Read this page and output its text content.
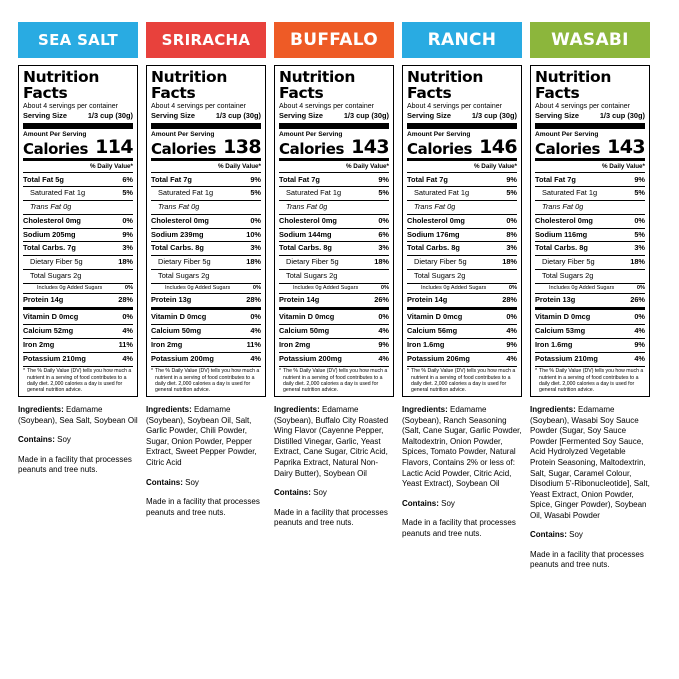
SEA SALT
Nutrition Facts
About 4 servings per container
Serving Size	1/3 cup (30g)
Amount Per Serving
Calories 114
% Daily Value*
Total Fat 5g	6%
Saturated Fat 1g	5%
Trans Fat 0g
Cholesterol 0mg	0%
Sodium 205mg	9%
Total Carbs. 7g	3%
Dietary Fiber 5g	18%
Total Sugars 2g
Includes 0g Added Sugars	0%
Protein 14g	28%
Vitamin D 0mcg	0%
Calcium 52mg	4%
Iron 2mg	11%
Potassium 210mg	4%
* The % Daily Value (DV) tells you how much a nutrient in a serving of food contributes to a daily diet. 2,000 calories a day is used for general nutrition advice.

Ingredients: Edamame (Soybean), Sea Salt, Soybean Oil

Contains: Soy

Made in a facility that processes peanuts and tree nuts.

SRIRACHA
Nutrition Facts
About 4 servings per container
Serving Size	1/3 cup (30g)
Amount Per Serving
Calories 138
% Daily Value*
Total Fat 7g	9%
Saturated Fat 1g	5%
Trans Fat 0g
Cholesterol 0mg	0%
Sodium 239mg	10%
Total Carbs. 8g	3%
Dietary Fiber 5g	18%
Total Sugars 2g
Includes 0g Added Sugars	0%
Protein 13g	28%
Vitamin D 0mcg	0%
Calcium 50mg	4%
Iron 2mg	11%
Potassium 200mg	4%
* The % Daily Value (DV) tells you how much a nutrient in a serving of food contributes to a daily diet. 2,000 calories a day is used for general nutrition advice.

Ingredients: Edamame (Soybean), Soybean Oil, Salt, Garlic Powder, Chili Powder, Sugar, Onion Powder, Pepper Extract, Sweet Pepper Powder, Citric Acid

Contains: Soy

Made in a facility that processes peanuts and tree nuts.

BUFFALO
Nutrition Facts
About 4 servings per container
Serving Size	1/3 cup (30g)
Amount Per Serving
Calories 143
% Daily Value*
Total Fat 7g	9%
Saturated Fat 1g	5%
Trans Fat 0g
Cholesterol 0mg	0%
Sodium 144mg	6%
Total Carbs. 8g	3%
Dietary Fiber 5g	18%
Total Sugars 2g
Includes 0g Added Sugars	0%
Protein 14g	26%
Vitamin D 0mcg	0%
Calcium 50mg	4%
Iron 2mg	9%
Potassium 200mg	4%
* The % Daily Value (DV) tells you how much a nutrient in a serving of food contributes to a daily diet. 2,000 calories a day is used for general nutrition advice.

Ingredients: Edamame (Soybean), Buffalo City Roasted Wing Flavor (Cayenne Pepper, Distilled Vinegar, Garlic, Yeast Extract, Cane Sugar, Citric Acid, Paprika Extract, Natural Non-Dairy Butter), Soybean Oil

Contains: Soy

Made in a facility that processes peanuts and tree nuts.

RANCH
Nutrition Facts
About 4 servings per container
Serving Size	1/3 cup (30g)
Amount Per Serving
Calories 146
% Daily Value*
Total Fat 7g	9%
Saturated Fat 1g	5%
Trans Fat 0g
Cholesterol 0mg	0%
Sodium 176mg	8%
Total Carbs. 8g	3%
Dietary Fiber 5g	18%
Total Sugars 2g
Includes 0g Added Sugars	0%
Protein 14g	28%
Vitamin D 0mcg	0%
Calcium 56mg	4%
Iron 1.6mg	9%
Potassium 206mg	4%
* The % Daily Value (DV) tells you how much a nutrient in a serving of food contributes to a daily diet. 2,000 calories a day is used for general nutrition advice.

Ingredients: Edamame (Soybean), Ranch Seasoning (Salt, Cane Sugar, Garlic Powder, Maltodextrin, Onion Powder, Spices, Tomato Powder, Natural Flavors, Contains 2% or less of: Lactic Acid Powder, Citric Acid, Yeast Extract), Soybean Oil

Contains: Soy

Made in a facility that processes peanuts and tree nuts.

WASABI
Nutrition Facts
About 4 servings per container
Serving Size	1/3 cup (30g)
Amount Per Serving
Calories 143
% Daily Value*
Total Fat 7g	9%
Saturated Fat 1g	5%
Trans Fat 0g
Cholesterol 0mg	0%
Sodium 116mg	5%
Total Carbs. 8g	3%
Dietary Fiber 5g	18%
Total Sugars 2g
Includes 0g Added Sugars	0%
Protein 13g	26%
Vitamin D 0mcg	0%
Calcium 53mg	4%
Iron 1.6mg	9%
Potassium 210mg	4%
* The % Daily Value (DV) tells you how much a nutrient in a serving of food contributes to a daily diet. 2,000 calories a day is used for general nutrition advice.

Ingredients: Edamame (Soybean), Wasabi Soy Sauce Powder (Sugar, Soy Sauce Powder [Fermented Soy Sauce, Acid Hydrolyzed Vegetable Protein Seasoning, Maltodextrin, Salt, Sugar, Caramel Colour, Disodium 5'-Ribonucleotide], Salt, Yeast Extract, Onion Powder, Spice, Ginger Powder), Soybean Oil, Wasabi Powder

Contains: Soy

Made in a facility that processes peanuts and tree nuts.
